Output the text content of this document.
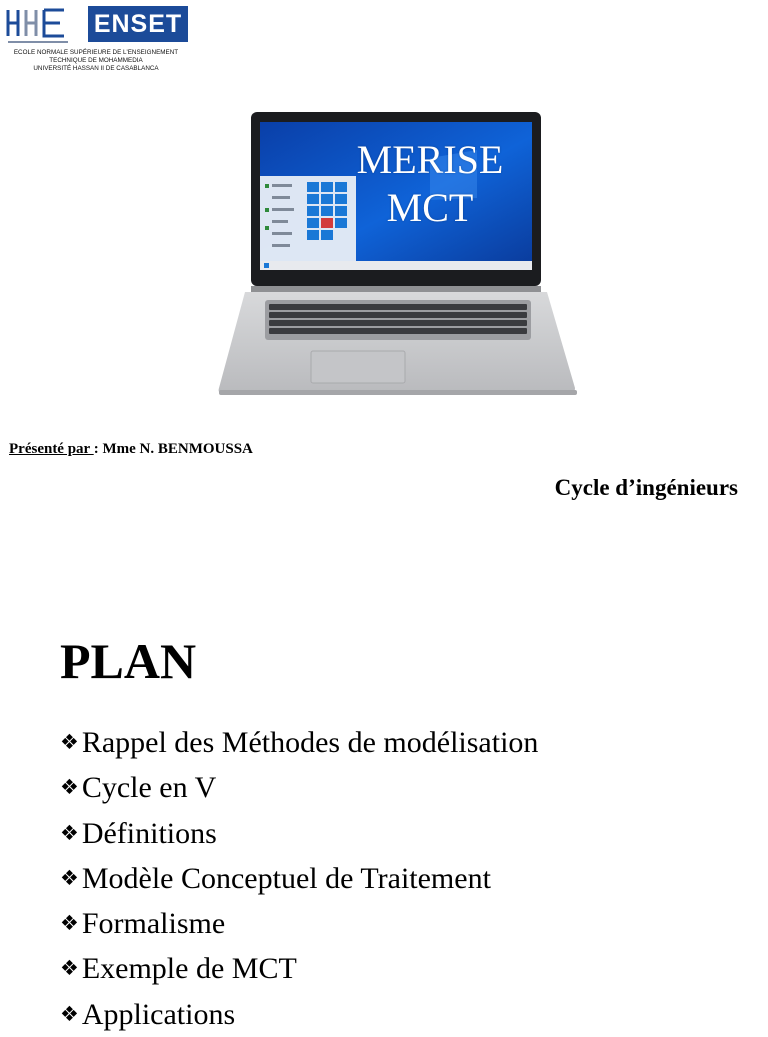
ENSET
ECOLE NORMALE SUPÉRIEURE DE L'ENSEIGNEMENT
TECHNIQUE DE MOHAMMEDIA
UNIVERSITÉ HASSAN II DE CASABLANCA
MERISE
MCT
Présenté par : Mme N. BENMOUSSA
Cycle d’ingénieurs
PLAN
❖ Rappel des Méthodes de modélisation
❖ Cycle en V
❖ Définitions
❖ Modèle Conceptuel de Traitement
❖ Formalisme
❖ Exemple de MCT
❖ Applications
